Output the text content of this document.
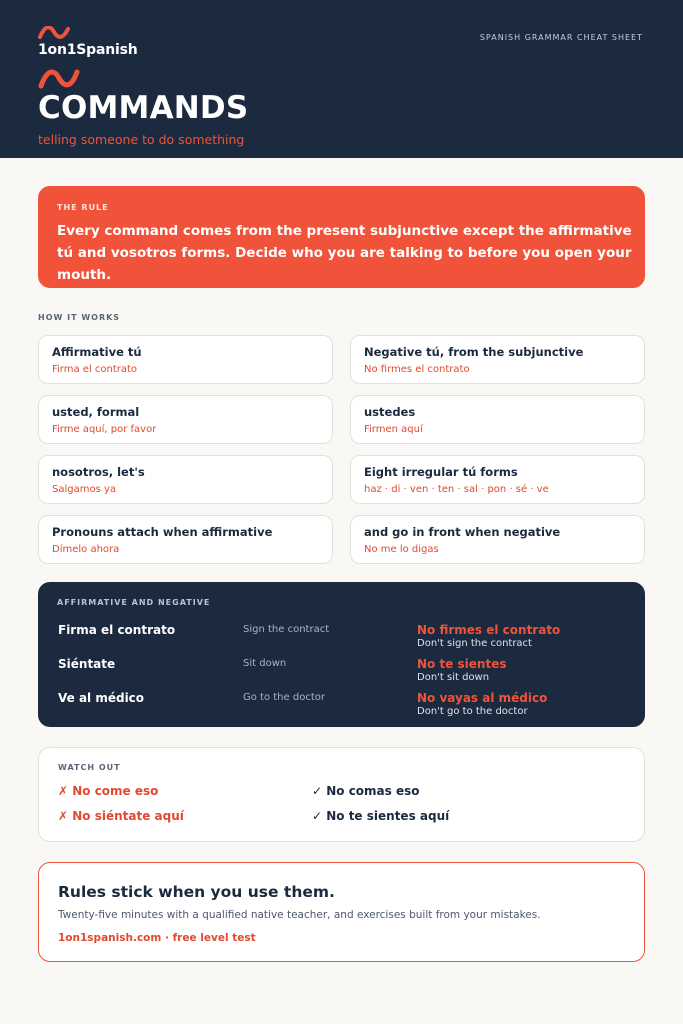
1on1Spanish
SPANISH GRAMMAR CHEAT SHEET
COMMANDS
telling someone to do something
THE RULE
Every command comes from the present subjunctive except the affirmative tú and vosotros forms. Decide who you are talking to before you open your mouth.
HOW IT WORKS
Affirmative tú
Firma el contrato
Negative tú, from the subjunctive
No firmes el contrato
usted, formal
Firme aquí, por favor
ustedes
Firmen aquí
nosotros, let's
Salgamos ya
Eight irregular tú forms
haz · di · ven · ten · sal · pon · sé · ve
Pronouns attach when affirmative
Dímelo ahora
and go in front when negative
No me lo digas
AFFIRMATIVE AND NEGATIVE
Firma el contrato	Sign the contract	No firmes el contrato
Don't sign the contract
Siéntate	Sit down	No te sientes
Don't sit down
Ve al médico	Go to the doctor	No vayas al médico
Don't go to the doctor
WATCH OUT
✗ No come eso	✓ No comas eso
✗ No siéntate aquí	✓ No te sientes aquí
Rules stick when you use them.
Twenty-five minutes with a qualified native teacher, and exercises built from your mistakes.
1on1spanish.com · free level test
